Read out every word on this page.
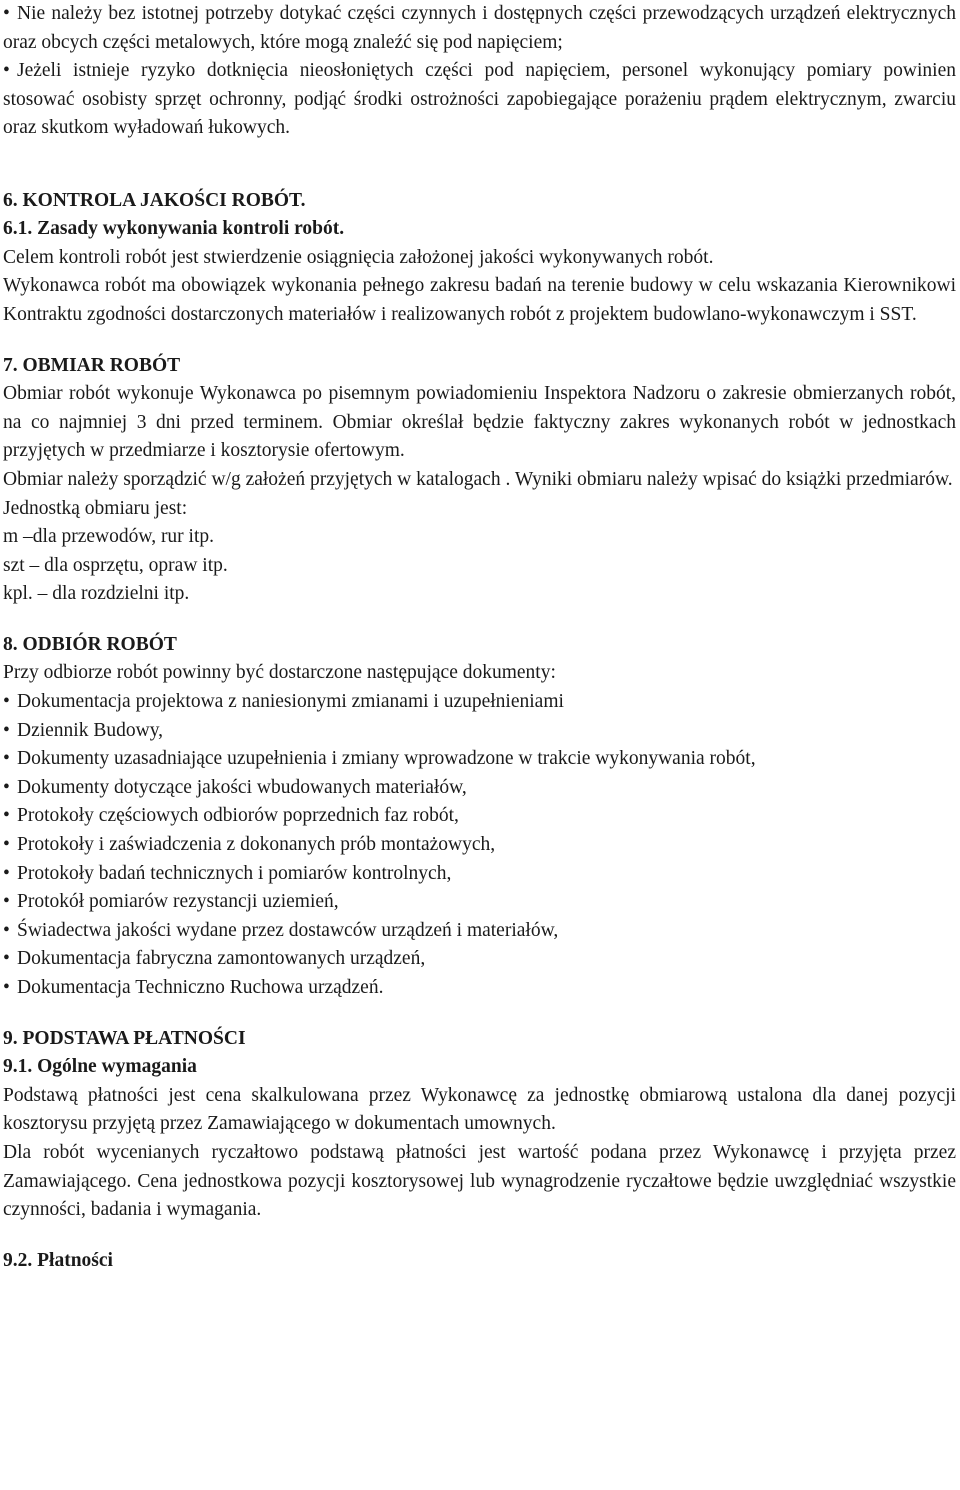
• Nie należy bez istotnej potrzeby dotykać części czynnych i dostępnych części przewodzących urządzeń elektrycznych oraz obcych części metalowych, które mogą znaleźć się pod napięciem;

• Jeżeli istnieje ryzyko dotknięcia nieosłoniętych części pod napięciem, personel wykonujący pomiary powinien stosować osobisty sprzęt ochronny, podjąć środki ostrożności zapobiegające porażeniu prądem elektrycznym, zwarciu oraz skutkom wyładowań łukowych.

6. KONTROLA JAKOŚCI ROBÓT.
6.1. Zasady wykonywania kontroli robót.

Celem kontroli robót jest stwierdzenie osiągnięcia założonej jakości wykonywanych robót.

Wykonawca robót ma obowiązek wykonania pełnego zakresu badań na terenie budowy w celu wskazania Kierownikowi Kontraktu zgodności dostarczonych materiałów i realizowanych robót z projektem budowlano-wykonawczym i SST.

7. OBMIAR ROBÓT

Obmiar robót wykonuje Wykonawca po pisemnym powiadomieniu Inspektora Nadzoru o zakresie obmierzanych robót, na co najmniej 3 dni przed terminem. Obmiar określał będzie faktyczny zakres wykonanych robót w jednostkach przyjętych w przedmiarze i kosztorysie ofertowym.

Obmiar należy sporządzić w/g założeń przyjętych w katalogach . Wyniki obmiaru należy wpisać do książki przedmiarów.

Jednostką obmiaru jest:

m –dla przewodów, rur itp.

szt – dla osprzętu, opraw itp.

kpl. – dla rozdzielni itp.

8. ODBIÓR ROBÓT

Przy odbiorze robót powinny być dostarczone następujące dokumenty:

• Dokumentacja projektowa z naniesionymi zmianami i uzupełnieniami

• Dziennik Budowy,

• Dokumenty uzasadniające uzupełnienia i zmiany wprowadzone w trakcie wykonywania robót,

• Dokumenty dotyczące jakości wbudowanych materiałów,

• Protokoły częściowych odbiorów poprzednich faz robót,

• Protokoły i zaświadczenia z dokonanych prób montażowych,

• Protokoły badań technicznych i pomiarów kontrolnych,

• Protokół pomiarów rezystancji uziemień,

• Świadectwa jakości wydane przez dostawców urządzeń i materiałów,

• Dokumentacja fabryczna zamontowanych urządzeń,

• Dokumentacja Techniczno Ruchowa urządzeń.

9. PODSTAWA PŁATNOŚCI
9.1. Ogólne wymagania

Podstawą płatności jest cena skalkulowana przez Wykonawcę za jednostkę obmiarową ustalona dla danej pozycji kosztorysu przyjętą przez Zamawiającego w dokumentach umownych.

Dla robót wycenianych ryczałtowo podstawą płatności jest wartość podana przez Wykonawcę i przyjęta przez Zamawiającego. Cena jednostkowa pozycji kosztorysowej lub wynagrodzenie ryczałtowe będzie uwzględniać wszystkie czynności, badania i wymagania.

9.2. Płatności
